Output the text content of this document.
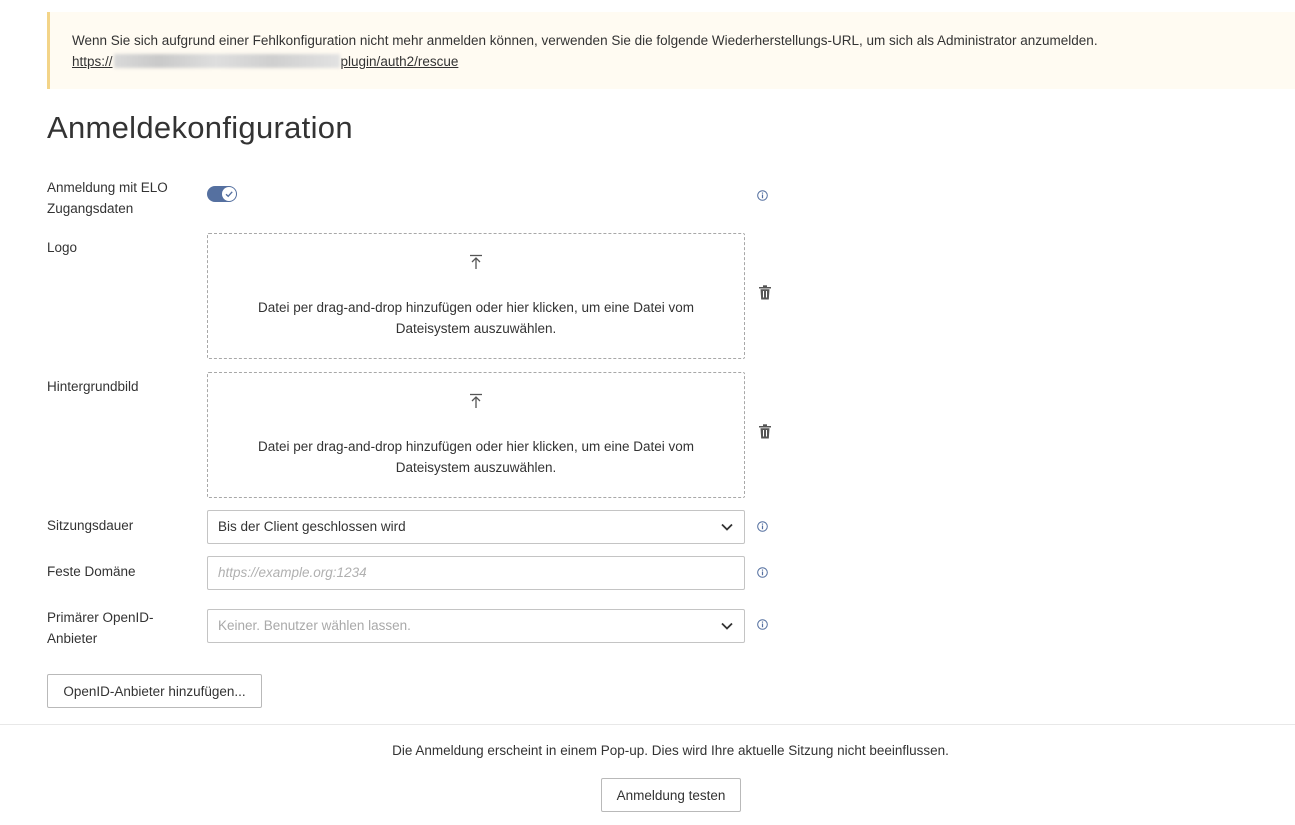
Wenn Sie sich aufgrund einer Fehlkonfiguration nicht mehr anmelden können, verwenden Sie die folgende Wiederherstellungs-URL, um sich als Administrator anzumelden.
https://	plugin/auth2/rescue
Anmeldekonfiguration
Anmeldung mit ELO Zugangsdaten
Logo
Datei per drag-and-drop hinzufügen oder hier klicken, um eine Datei vom Dateisystem auszuwählen.
Hintergrundbild
Datei per drag-and-drop hinzufügen oder hier klicken, um eine Datei vom Dateisystem auszuwählen.
Sitzungsdauer	Bis der Client geschlossen wird
Feste Domäne
https://example.org:1234
Primärer OpenID-Anbieter
Keiner. Benutzer wählen lassen.
OpenID-Anbieter hinzufügen...
Die Anmeldung erscheint in einem Pop-up. Dies wird Ihre aktuelle Sitzung nicht beeinflussen.
Anmeldung testen
